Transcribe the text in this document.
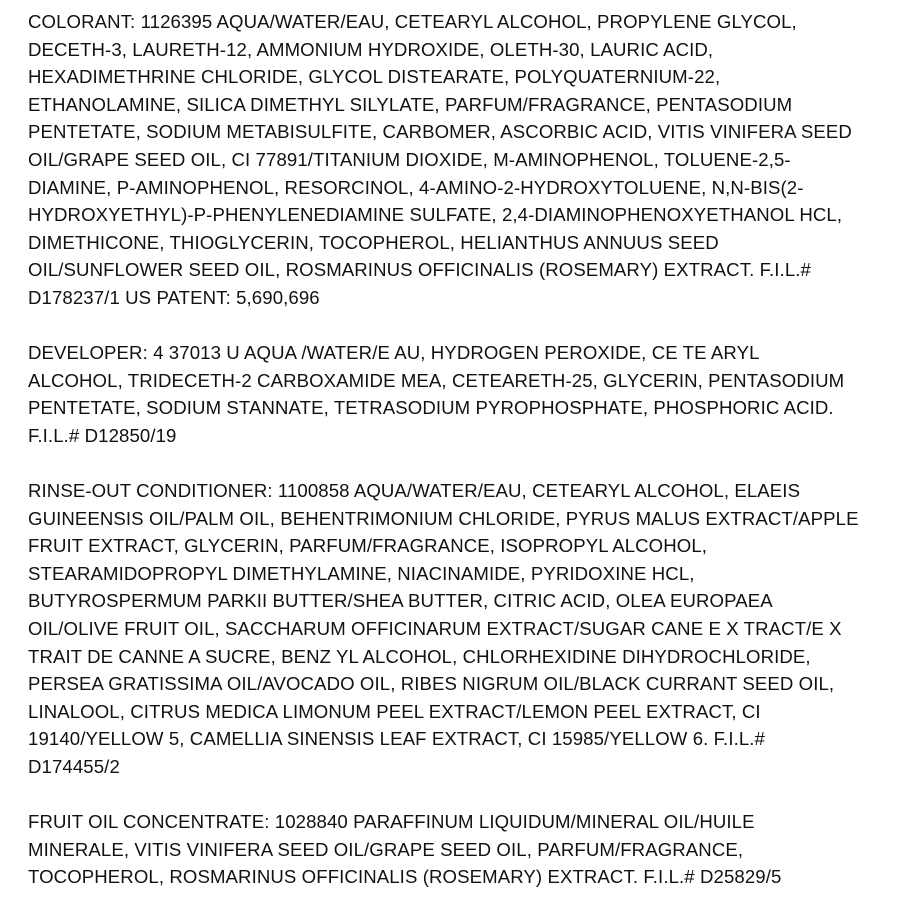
COLORANT: 1126395 AQUA/WATER/EAU, CETEARYL ALCOHOL, PROPYLENE GLYCOL,
DECETH-3, LAURETH-12, AMMONIUM HYDROXIDE, OLETH-30, LAURIC ACID,
HEXADIMETHRINE CHLORIDE, GLYCOL DISTEARATE, POLYQUATERNIUM-22,
ETHANOLAMINE, SILICA DIMETHYL SILYLATE, PARFUM/FRAGRANCE, PENTASODIUM
PENTETATE, SODIUM METABISULFITE, CARBOMER, ASCORBIC ACID, VITIS VINIFERA SEED
OIL/GRAPE SEED OIL, CI 77891/TITANIUM DIOXIDE, M-AMINOPHENOL, TOLUENE-2,5-
DIAMINE, P-AMINOPHENOL, RESORCINOL, 4-AMINO-2-HYDROXYTOLUENE, N,N-BIS(2-
HYDROXYETHYL)-P-PHENYLENEDIAMINE SULFATE, 2,4-DIAMINOPHENOXYETHANOL HCL,
DIMETHICONE, THIOGLYCERIN, TOCOPHEROL, HELIANTHUS ANNUUS SEED
OIL/SUNFLOWER SEED OIL, ROSMARINUS OFFICINALIS (ROSEMARY) EXTRACT. F.I.L.#
D178237/1 US PATENT: 5,690,696
DEVELOPER: 4 37013 U AQUA /WATER/E AU, HYDROGEN PEROXIDE, CE TE ARYL
ALCOHOL, TRIDECETH-2 CARBOXAMIDE MEA, CETEARETH-25, GLYCERIN, PENTASODIUM
PENTETATE, SODIUM STANNATE, TETRASODIUM PYROPHOSPHATE, PHOSPHORIC ACID.
F.I.L.# D12850/19
RINSE-OUT CONDITIONER: 1100858 AQUA/WATER/EAU, CETEARYL ALCOHOL, ELAEIS
GUINEENSIS OIL/PALM OIL, BEHENTRIMONIUM CHLORIDE, PYRUS MALUS EXTRACT/APPLE
FRUIT EXTRACT, GLYCERIN, PARFUM/FRAGRANCE, ISOPROPYL ALCOHOL,
STEARAMIDOPROPYL DIMETHYLAMINE, NIACINAMIDE, PYRIDOXINE HCL,
BUTYROSPERMUM PARKII BUTTER/SHEA BUTTER, CITRIC ACID, OLEA EUROPAEA
OIL/OLIVE FRUIT OIL, SACCHARUM OFFICINARUM EXTRACT/SUGAR CANE E X TRACT/E X
TRAIT DE CANNE A SUCRE, BENZ YL ALCOHOL, CHLORHEXIDINE DIHYDROCHLORIDE,
PERSEA GRATISSIMA OIL/AVOCADO OIL, RIBES NIGRUM OIL/BLACK CURRANT SEED OIL,
LINALOOL, CITRUS MEDICA LIMONUM PEEL EXTRACT/LEMON PEEL EXTRACT, CI
19140/YELLOW 5, CAMELLIA SINENSIS LEAF EXTRACT, CI 15985/YELLOW 6. F.I.L.#
D174455/2
FRUIT OIL CONCENTRATE: 1028840 PARAFFINUM LIQUIDUM/MINERAL OIL/HUILE
MINERALE, VITIS VINIFERA SEED OIL/GRAPE SEED OIL, PARFUM/FRAGRANCE,
TOCOPHEROL, ROSMARINUS OFFICINALIS (ROSEMARY) EXTRACT. F.I.L.# D25829/5
